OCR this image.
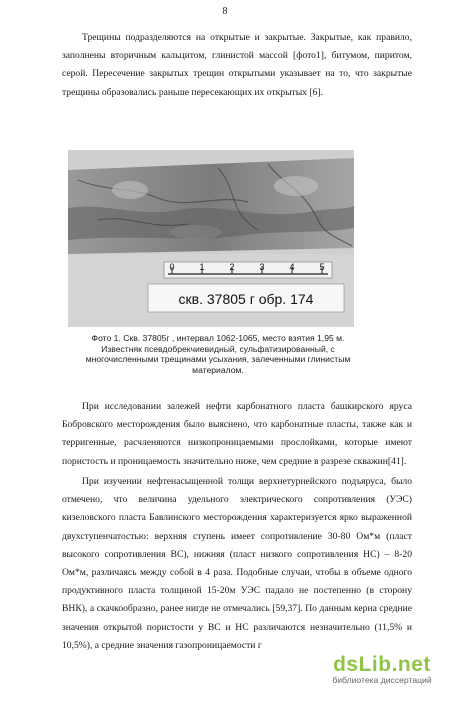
8

Трещины подразделяются на открытые и закрытые. Закрытые, как правило, заполнены вторичным кальцитом, глинистой массой [фото1], битумом, пиритом, серой. Пересечение закрытых трещин открытыми указывает на то, что закрытые трещины образовались раньше пересекающих их открытых [6].

0	1	2	3	4	5
скв. 37805 г обр. 174
Фото 1. Скв. 37805г , интервал 1062-1065, место взятия 1,95 м.
Известняк псевдобрекчиевидный, сульфатизированный, с
многочисленными трещинами усыхания, залеченными глинистым
материалом.

При исследовании залежей нефти карбонатного пласта башкирского яруса Бобровского месторождения было выяснено, что карбонатные пласты, также как и терригенные, расчленяются низкопроницаемыми прослойками, которые имеют пористость и проницаемость значительно ниже, чем средние в разрезе скважин[41].

При изучении нефтенасыщенной толщи верхнетурнейского подъяруса, было отмечено, что величина удельного электрического сопротивления (УЭС) кизеловского пласта Бавлинского месторождения характеризуется ярко выраженной двухступенчатостью: верхняя ступень имеет сопротивление 30-80 Ом*м (пласт высокого сопротивления ВС), нижняя (пласт низкого сопротивления НС) – 8-20 Ом*м, различаясь между собой в 4 раза. Подобные случаи, чтобы в объеме одного продуктивного пласта толщиной 15-20м УЭС падало не постепенно (в сторону ВНК), а скачкообразно, ранее нигде не отмечались [59,37]. По данным керна средние значения открытой пористости у ВС и НС различаются незначительно (11,5% и 10,5%), а средние значения газопроницаемости г

dsLib.net
библиотека диссертаций
